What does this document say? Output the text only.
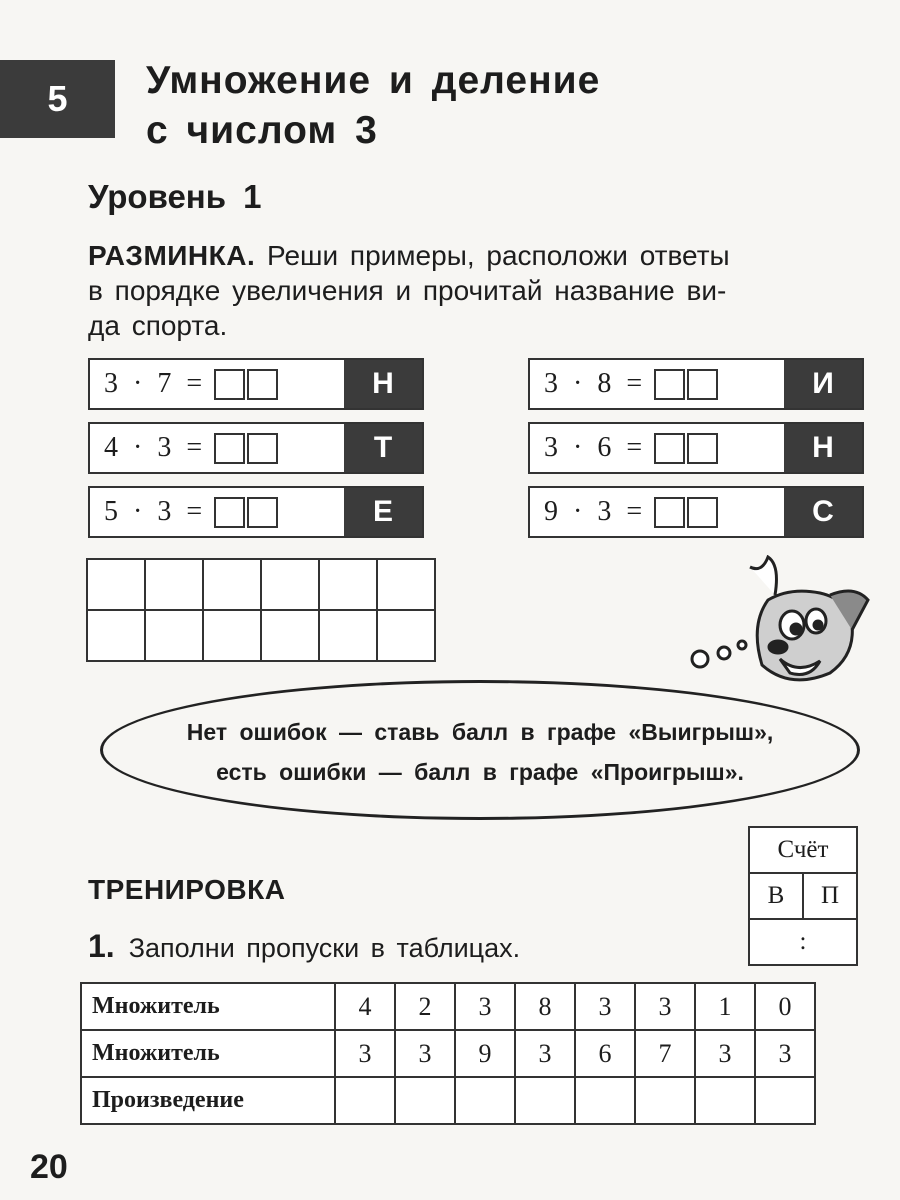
5	Умножение и деление
с числом 3
Уровень 1
РАЗМИНКА. Реши примеры, расположи ответы
в порядке увеличения и прочитай название ви-
да спорта.
3 · 7 =	Н
4 · 3 =	Т
5 · 3 =	Е
3 · 8 =	И
3 · 6 =	Н
9 · 3 =	С

Нет ошибок — ставь балл в графе «Выигрыш»,
есть ошибки — балл в графе «Проигрыш».
Счёт
В	П
:
ТРЕНИРОВКА
1. Заполни пропуски в таблицах.
Множитель	4	2	3	8	3	3	1	0
Множитель	3	3	9	3	6	7	3	3
Произведение								
20
